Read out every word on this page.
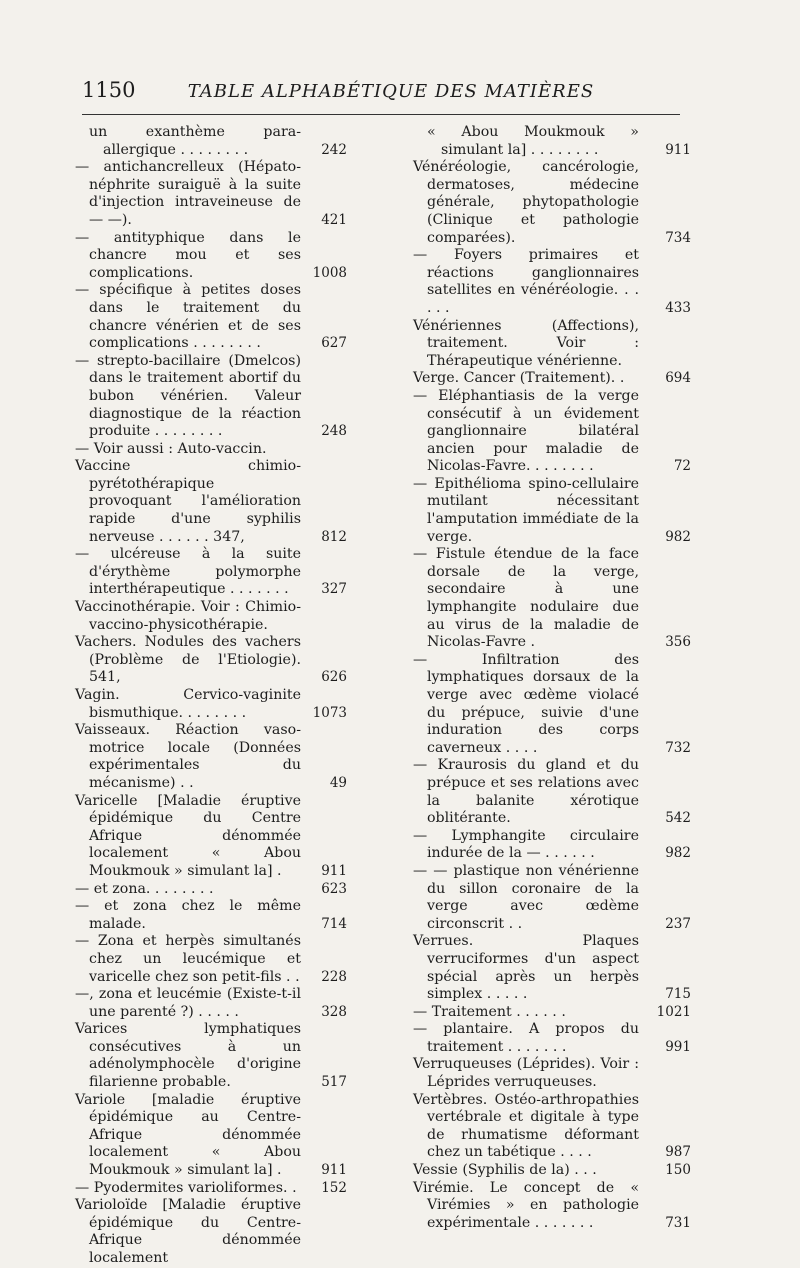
1150	TABLE ALPHABÉTIQUE DES MATIÈRES
un exanthème para-allergique . . . . . . . .	242
— antichancrelleux (Hépato-néphrite suraiguë à la suite d'injection intraveineuse de — —).	421
— antityphique dans le chancre mou et ses complications.	1008
— spécifique à petites doses dans le traitement du chancre vénérien et de ses complications . . . . . . . .	627
— strepto-bacillaire (Dmelcos) dans le traitement abortif du bubon vénérien. Valeur diagnostique de la réaction produite . . . . . . . .	248
— Voir aussi : Auto-vaccin.
Vaccine chimio-pyrétothérapique provoquant l'amélioration rapide d'une syphilis nerveuse . . . . . . 347,	812
— ulcéreuse à la suite d'érythème polymorphe interthérapeutique . . . . . . .	327
Vaccinothérapie. Voir : Chimio-vaccino-physicothérapie.
Vachers. Nodules des vachers (Problème de l'Etiologie). 541,	626
Vagin. Cervico-vaginite bismuthique. . . . . . . .	1073
Vaisseaux. Réaction vaso-motrice locale (Données expérimentales du mécanisme) . .	49
Varicelle [Maladie éruptive épidémique du Centre Afrique dénommée localement « Abou Moukmouk » simulant la] .	911
— et zona. . . . . . . .	623
— et zona chez le même malade.	714
— Zona et herpès simultanés chez un leucémique et varicelle chez son petit-fils . .	228
—, zona et leucémie (Existe-t-il une parenté ?) . . . . .	328
Varices lymphatiques consécutives à un adénolymphocèle d'origine filarienne probable.	517
Variole [maladie éruptive épidémique au Centre-Afrique dénommée localement « Abou Moukmouk » simulant la] .	911
— Pyodermites varioliformes. .	152
Varioloïde [Maladie éruptive épidémique du Centre-Afrique dénommée localement
« Abou Moukmouk » simulant la] . . . . . . . .	911
Vénéréologie, cancérologie, dermatoses, médecine générale, phytopathologie (Clinique et pathologie comparées).	734
— Foyers primaires et réactions ganglionnaires satellites en vénéréologie. . . . . .	433
Vénériennes (Affections), traitement. Voir : Thérapeutique vénérienne.
Verge. Cancer (Traitement). .	694
— Eléphantiasis de la verge consécutif à un évidement ganglionnaire bilatéral ancien pour maladie de Nicolas-Favre. . . . . . . .	72
— Epithélioma spino-cellulaire mutilant nécessitant l'amputation immédiate de la verge.	982
— Fistule étendue de la face dorsale de la verge, secondaire à une lymphangite nodulaire due au virus de la maladie de Nicolas-Favre .	356
— Infiltration des lymphatiques dorsaux de la verge avec œdème violacé du prépuce, suivie d'une induration des corps caverneux . . . .	732
— Kraurosis du gland et du prépuce et ses relations avec la balanite xérotique oblitérante.	542
— Lymphangite circulaire indurée de la — . . . . . .	982
— — plastique non vénérienne du sillon coronaire de la verge avec œdème circonscrit . .	237
Verrues. Plaques verruciformes d'un aspect spécial après un herpès simplex . . . . .	715
— Traitement . . . . . .	1021
— plantaire. A propos du traitement . . . . . . .	991
Verruqueuses (Léprides). Voir : Léprides verruqueuses.
Vertèbres. Ostéo-arthropathies vertébrale et digitale à type de rhumatisme déformant chez un tabétique . . . .	987
Vessie (Syphilis de la) . . .	150
Virémie. Le concept de « Virémies » en pathologie expérimentale . . . . . . .	731
